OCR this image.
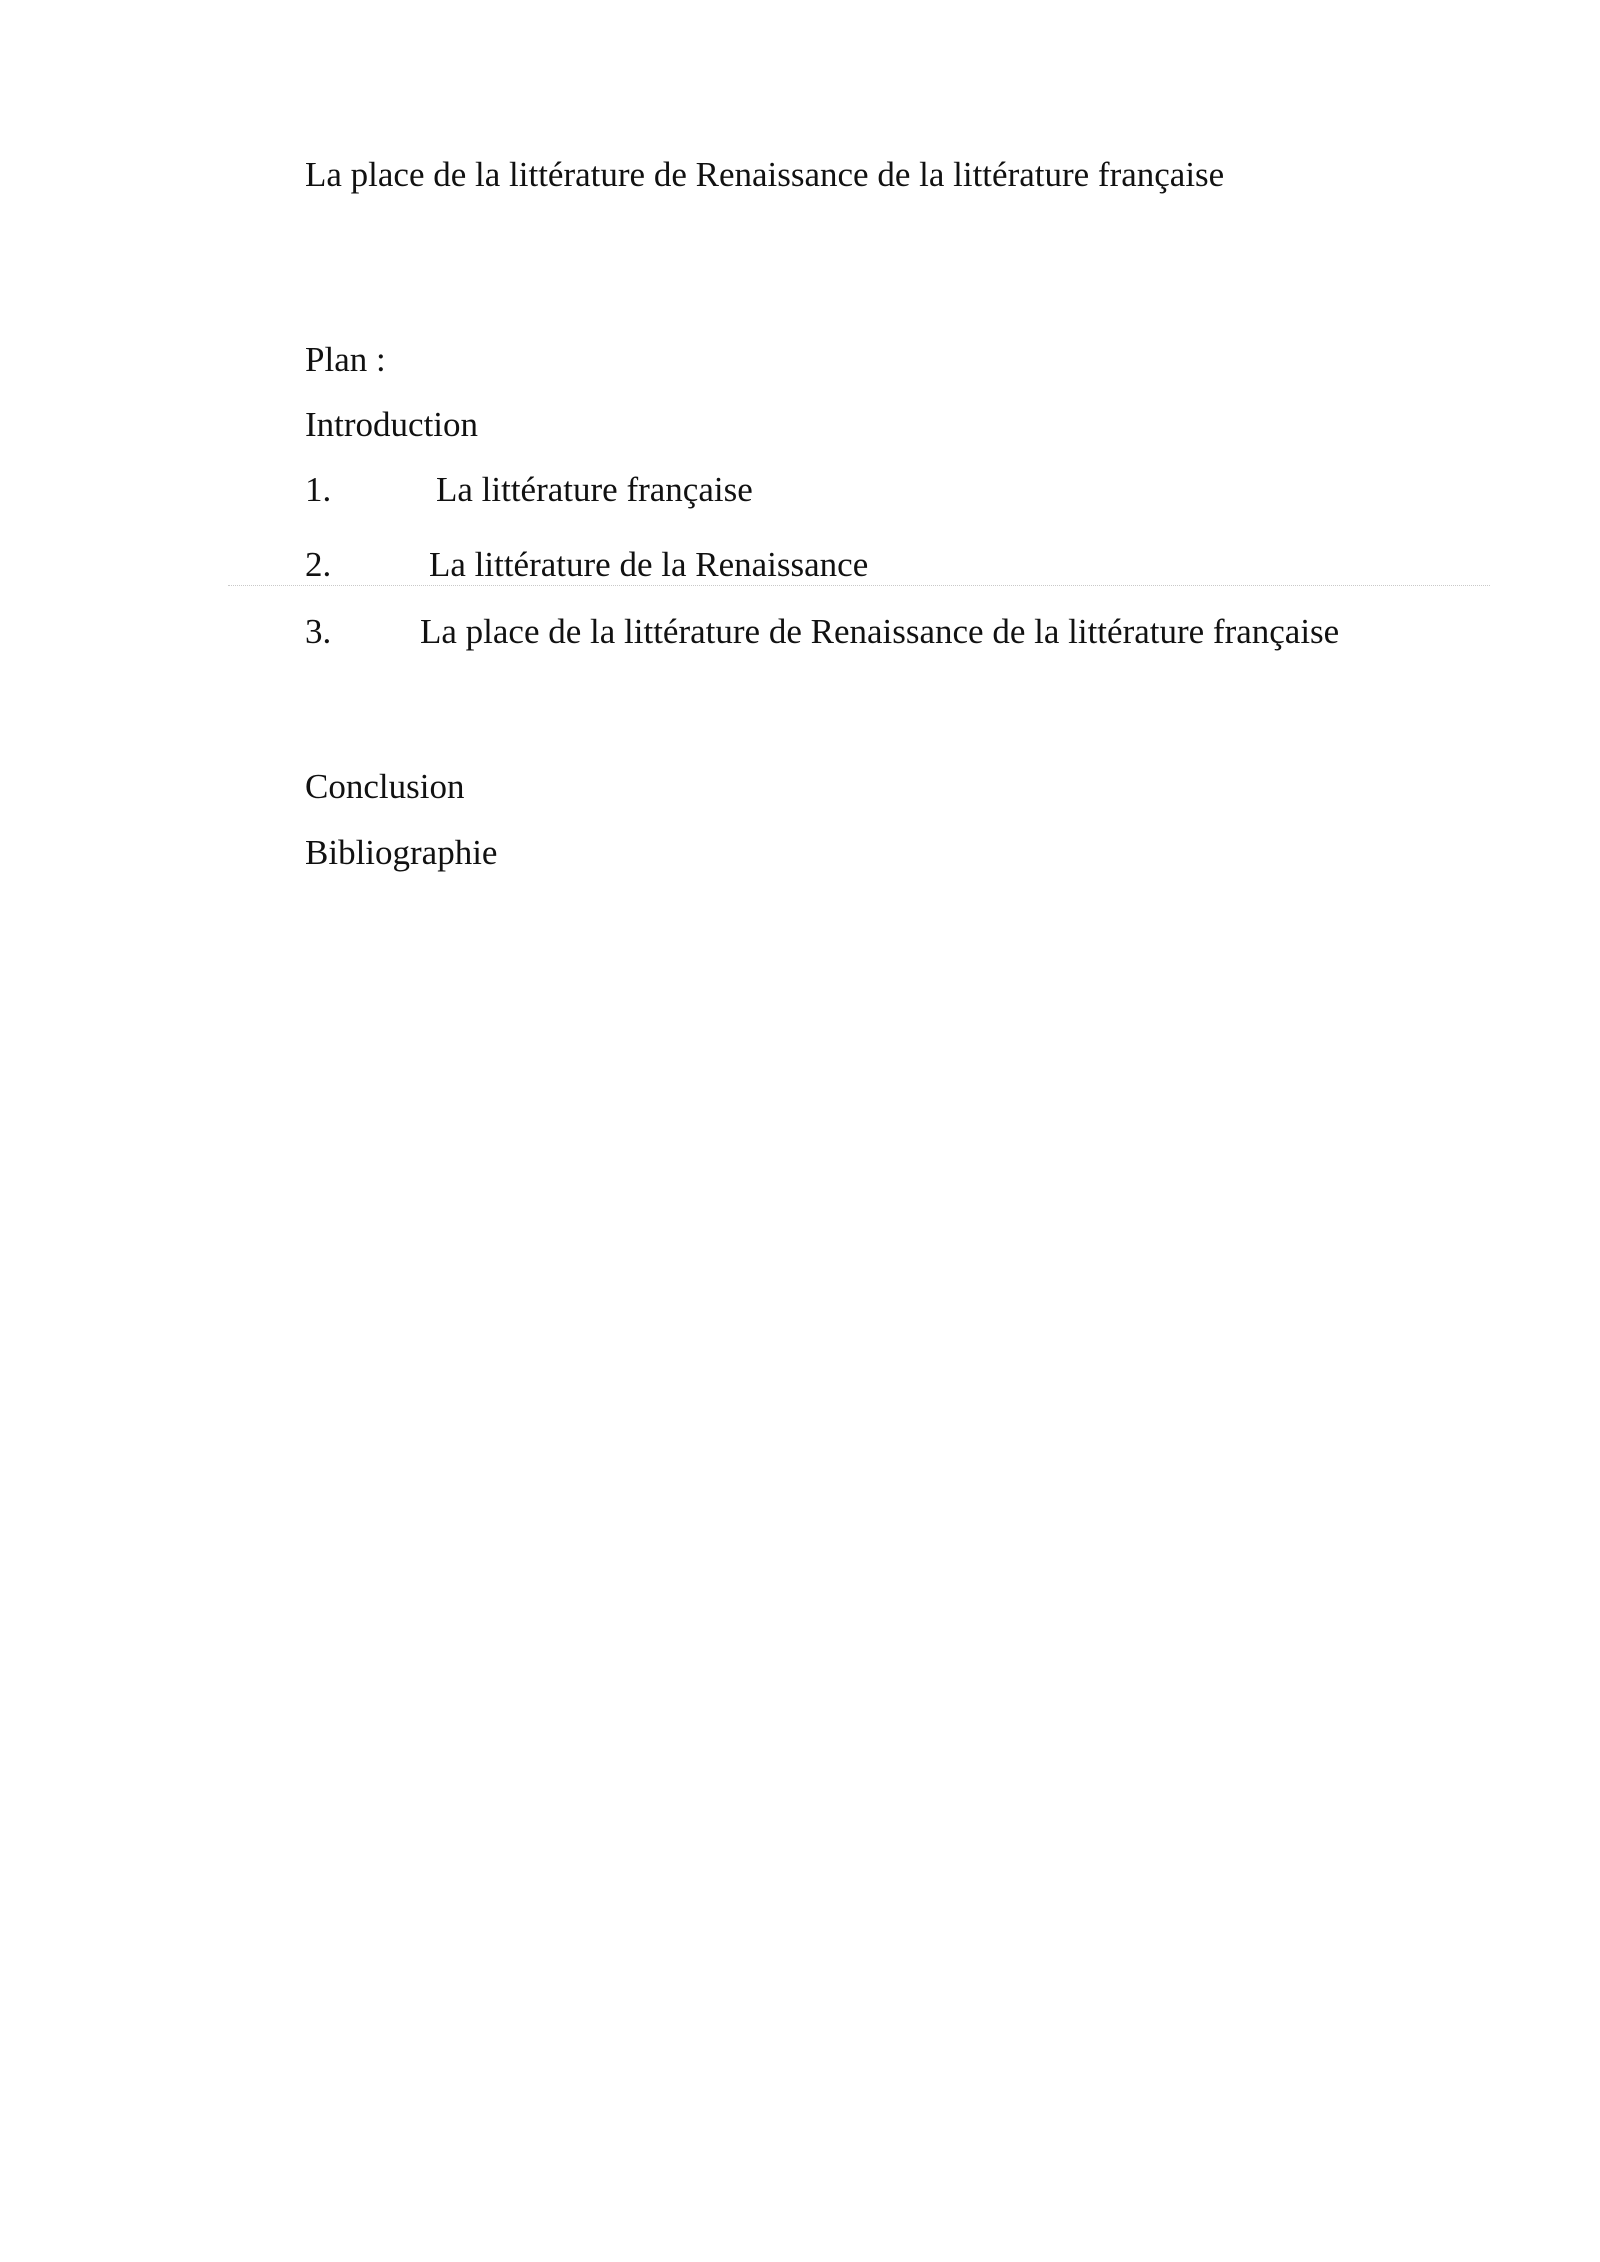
La place de la littérature de Renaissance de la littérature française
Plan :
Introduction
1.	La littérature française
2.	La littérature de la Renaissance
3.	La place de la littérature de Renaissance de la littérature française
Conclusion
Bibliographie
